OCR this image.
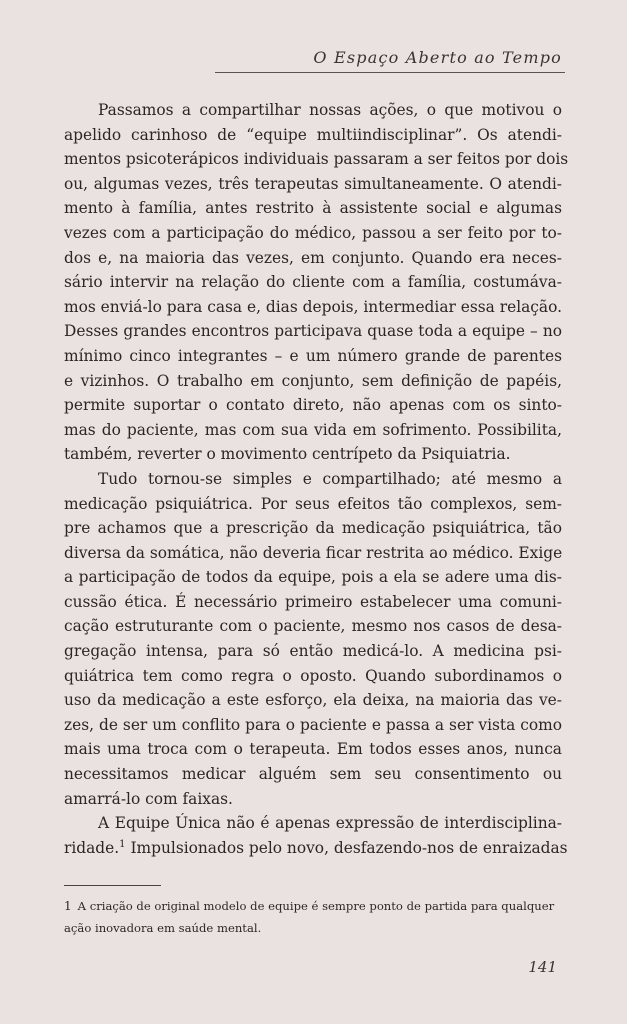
O Espaço Aberto ao Tempo
Passamos a compartilhar nossas ações, o que motivou o
apelido carinhoso de “equipe multiindisciplinar”. Os atendi-
mentos psicoterápicos individuais passaram a ser feitos por dois
ou, algumas vezes, três terapeutas simultaneamente. O atendi-
mento à família, antes restrito à assistente social e algumas
vezes com a participação do médico, passou a ser feito por to-
dos e, na maioria das vezes, em conjunto. Quando era neces-
sário intervir na relação do cliente com a família, costumáva-
mos enviá-lo para casa e, dias depois, intermediar essa relação.
Desses grandes encontros participava quase toda a equipe – no
mínimo cinco integrantes – e um número grande de parentes
e vizinhos. O trabalho em conjunto, sem definição de papéis,
permite suportar o contato direto, não apenas com os sinto-
mas do paciente, mas com sua vida em sofrimento. Possibilita,
também, reverter o movimento centrípeto da Psiquiatria.
Tudo tornou-se simples e compartilhado; até mesmo a
medicação psiquiátrica. Por seus efeitos tão complexos, sem-
pre achamos que a prescrição da medicação psiquiátrica, tão
diversa da somática, não deveria ficar restrita ao médico. Exige
a participação de todos da equipe, pois a ela se adere uma dis-
cussão ética. É necessário primeiro estabelecer uma comuni-
cação estruturante com o paciente, mesmo nos casos de desa-
gregação intensa, para só então medicá-lo. A medicina psi-
quiátrica tem como regra o oposto. Quando subordinamos o
uso da medicação a este esforço, ela deixa, na maioria das ve-
zes, de ser um conflito para o paciente e passa a ser vista como
mais uma troca com o terapeuta. Em todos esses anos, nunca
necessitamos medicar alguém sem seu consentimento ou
amarrá-lo com faixas.
A Equipe Única não é apenas expressão de interdisciplina-
ridade.$^1$ Impulsionados pelo novo, desfazendo-nos de enraizadas
1 A criação de original modelo de equipe é sempre ponto de partida para qualquer ação inovadora em saúde mental.
141
